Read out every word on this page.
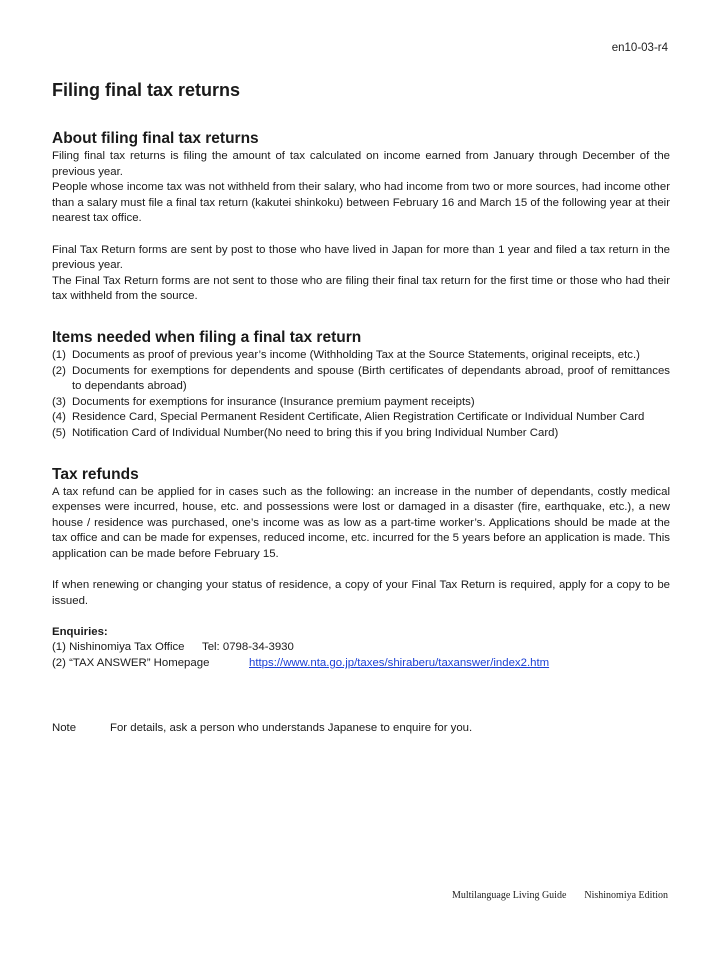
en10-03-r4
Filing final tax returns
About filing final tax returns

Filing final tax returns is filing the amount of tax calculated on income earned from January through December of the previous year.

People whose income tax was not withheld from their salary, who had income from two or more sources, had income other than a salary must file a final tax return (kakutei shinkoku) between February 16 and March 15 of the following year at their nearest tax office.

Final Tax Return forms are sent by post to those who have lived in Japan for more than 1 year and filed a tax return in the previous year.

The Final Tax Return forms are not sent to those who are filing their final tax return for the first time or those who had their tax withheld from the source.

Items needed when filing a final tax return
(1) Documents as proof of previous year’s income (Withholding Tax at the Source Statements, original receipts, etc.)
(2) Documents for exemptions for dependents and spouse (Birth certificates of dependants abroad, proof of remittances to dependants abroad)
(3) Documents for exemptions for insurance (Insurance premium payment receipts)
(4) Residence Card, Special Permanent Resident Certificate, Alien Registration Certificate or Individual Number Card
(5) Notification Card of Individual Number(No need to bring this if you bring Individual Number Card)
Tax refunds

A tax refund can be applied for in cases such as the following: an increase in the number of dependants, costly medical expenses were incurred, house, etc. and possessions were lost or damaged in a disaster (fire, earthquake, etc.), a new house / residence was purchased, one’s income was as low as a part-time worker’s. Applications should be made at the tax office and can be made for expenses, reduced income, etc. incurred for the 5 years before an application is made. This application can be made before February 15.

If when renewing or changing your status of residence, a copy of your Final Tax Return is required, apply for a copy to be issued.

Enquiries:
(1) Nishinomiya Tax Office	Tel: 0798-34-3930
(2) “TAX ANSWER” Homepage	https://www.nta.go.jp/taxes/shiraberu/taxanswer/index2.htm
Note	For details, ask a person who understands Japanese to enquire for you.
Multilanguage Living Guide Nishinomiya Edition
